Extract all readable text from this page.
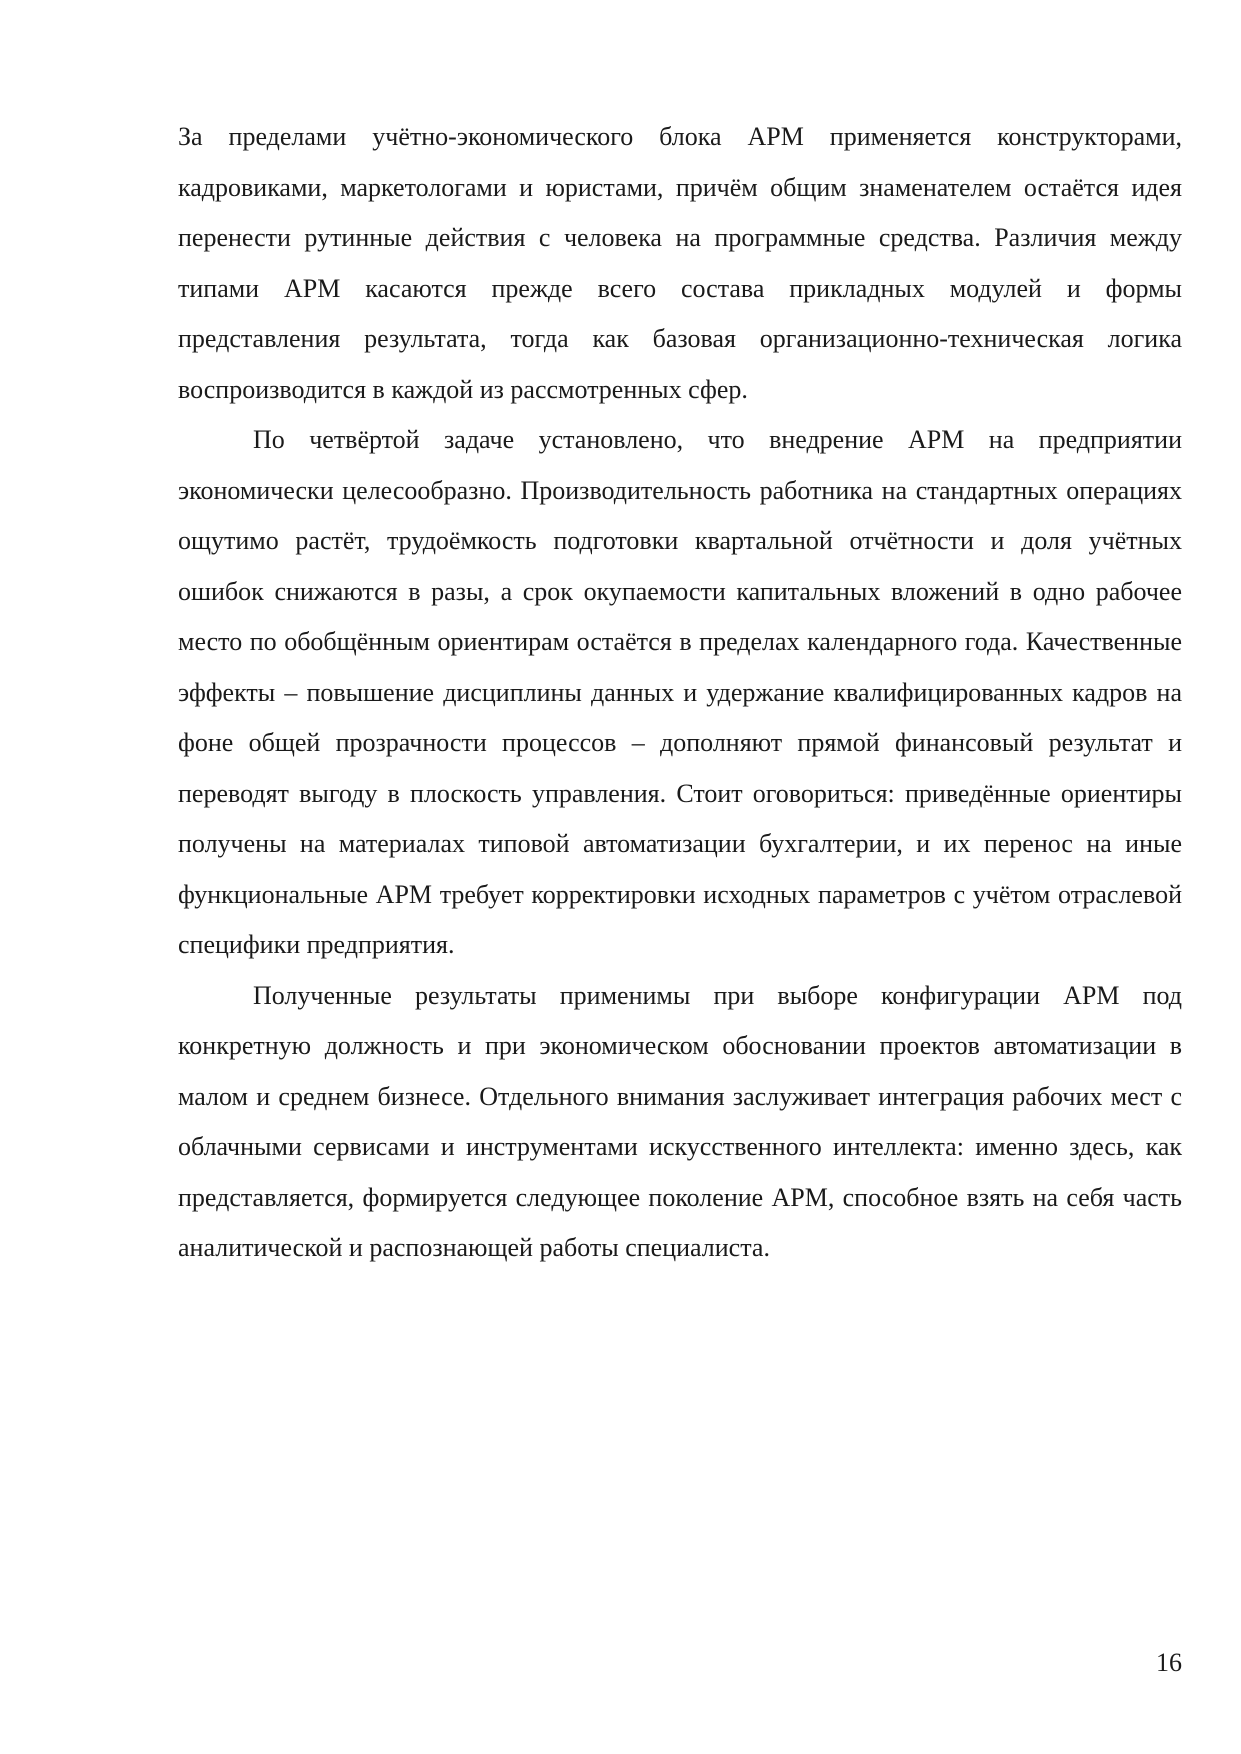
За пределами учётно-экономического блока АРМ применяется конструкторами, кадровиками, маркетологами и юристами, причём общим знаменателем остаётся идея перенести рутинные действия с человека на программные средства. Различия между типами АРМ касаются прежде всего состава прикладных модулей и формы представления результата, тогда как базовая организационно-техническая логика воспроизводится в каждой из рассмотренных сфер.

По четвёртой задаче установлено, что внедрение АРМ на предприятии экономически целесообразно. Производительность работника на стандартных операциях ощутимо растёт, трудоёмкость подготовки квартальной отчётности и доля учётных ошибок снижаются в разы, а срок окупаемости капитальных вложений в одно рабочее место по обобщённым ориентирам остаётся в пределах календарного года. Качественные эффекты – повышение дисциплины данных и удержание квалифицированных кадров на фоне общей прозрачности процессов – дополняют прямой финансовый результат и переводят выгоду в плоскость управления. Стоит оговориться: приведённые ориентиры получены на материалах типовой автоматизации бухгалтерии, и их перенос на иные функциональные АРМ требует корректировки исходных параметров с учётом отраслевой специфики предприятия.

Полученные результаты применимы при выборе конфигурации АРМ под конкретную должность и при экономическом обосновании проектов автоматизации в малом и среднем бизнесе. Отдельного внимания заслуживает интеграция рабочих мест с облачными сервисами и инструментами искусственного интеллекта: именно здесь, как представляется, формируется следующее поколение АРМ, способное взять на себя часть аналитической и распознающей работы специалиста.

16
